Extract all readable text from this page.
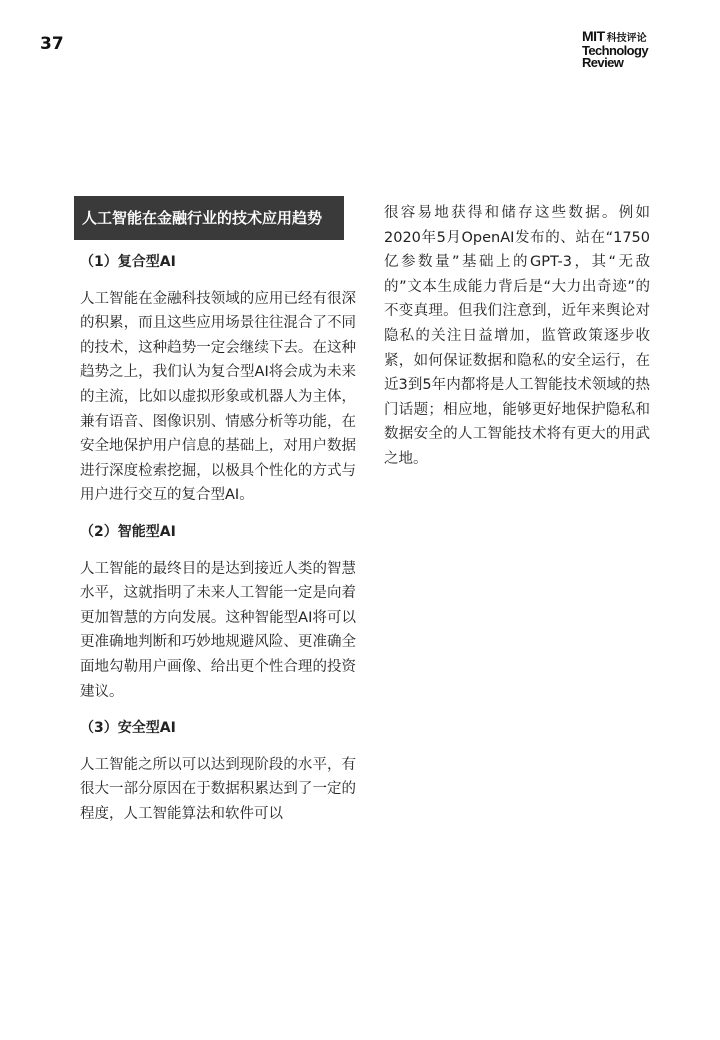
37	MIT 科技评论
Technology
Review
人工智能在金融行业的技术应用趋势
（1）复合型AI

人工智能在金融科技领域的应用已经有很深的积累，而且这些应用场景往往混合了不同的技术，这种趋势一定会继续下去。在这种趋势之上，我们认为复合型AI将会成为未来的主流，比如以虚拟形象或机器人为主体，兼有语音、图像识别、情感分析等功能，在安全地保护用户信息的基础上，对用户数据进行深度检索挖掘，以极具个性化的方式与用户进行交互的复合型AI。

（2）智能型AI

人工智能的最终目的是达到接近人类的智慧水平，这就指明了未来人工智能一定是向着更加智慧的方向发展。这种智能型AI将可以更准确地判断和巧妙地规避风险、更准确全面地勾勒用户画像、给出更个性合理的投资建议。

（3）安全型AI

人工智能之所以可以达到现阶段的水平，有很大一部分原因在于数据积累达到了一定的程度，人工智能算法和软件可以

很容易地获得和储存这些数据。例如2020年5月OpenAI发布的、站在“1750亿参数量”基础上的GPT-3，其“无敌的”文本生成能力背后是“大力出奇迹”的不变真理。但我们注意到，近年来舆论对隐私的关注日益增加，监管政策逐步收紧，如何保证数据和隐私的安全运行，在近3到5年内都将是人工智能技术领域的热门话题；相应地，能够更好地保护隐私和数据安全的人工智能技术将有更大的用武之地。
